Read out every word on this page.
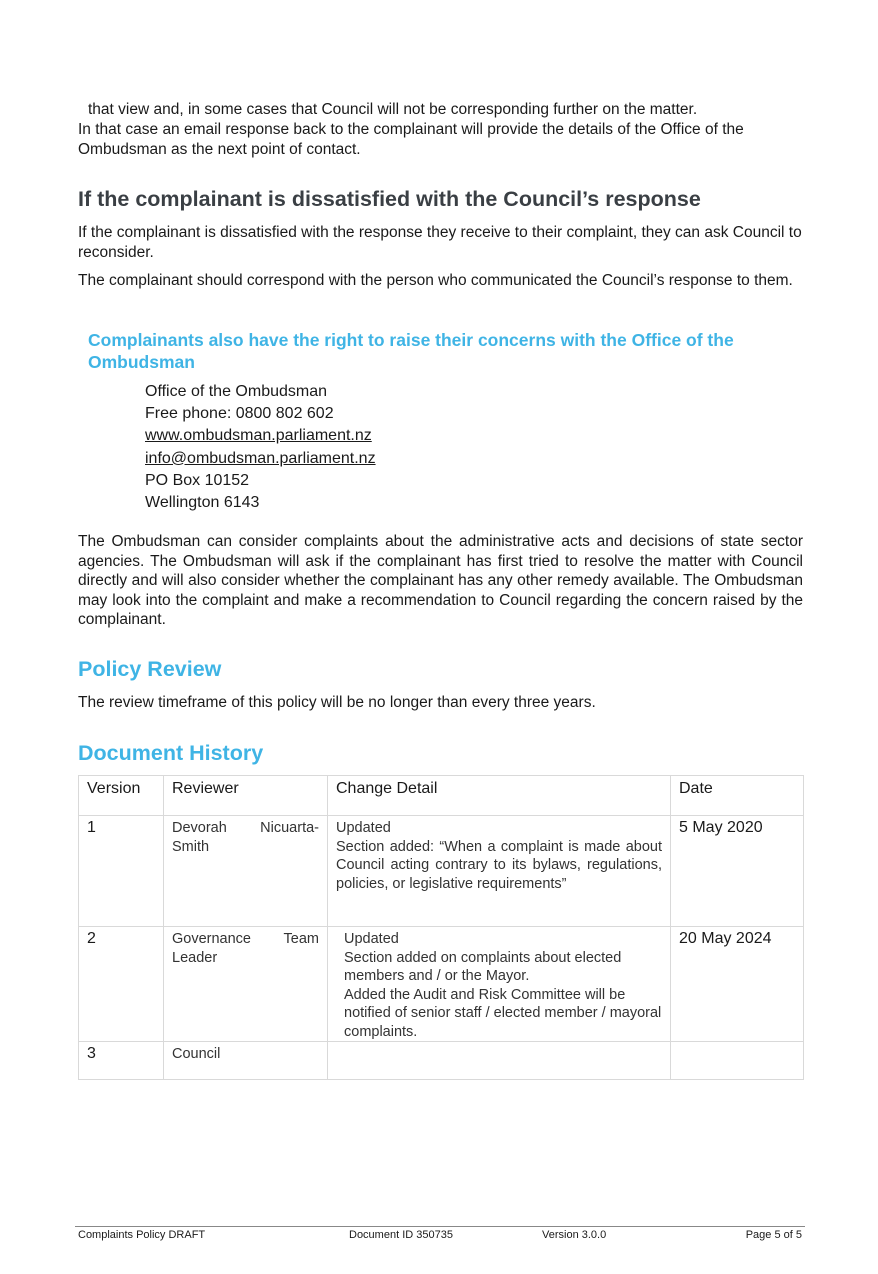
that view and, in some cases that Council will not be corresponding further on the matter.

In that case an email response back to the complainant will provide the details of the Office of the Ombudsman as the next point of contact.

If the complainant is dissatisfied with the Council’s response

If the complainant is dissatisfied with the response they receive to their complaint, they can ask Council to reconsider.

The complainant should correspond with the person who communicated the Council’s response to them.

Complainants also have the right to raise their concerns with the Office of the Ombudsman
Office of the Ombudsman
Free phone: 0800 802 602
www.ombudsman.parliament.nz
info@ombudsman.parliament.nz
PO Box 10152
Wellington 6143

The Ombudsman can consider complaints about the administrative acts and decisions of state sector agencies. The Ombudsman will ask if the complainant has first tried to resolve the matter with Council directly and will also consider whether the complainant has any other remedy available. The Ombudsman may look into the complaint and make a recommendation to Council regarding the concern raised by the complainant.

Policy Review

The review timeframe of this policy will be no longer than every three years.

Document History
Version	Reviewer	Change Detail	Date

1	Devorah Nicuarta-Smith	Updated
Section added: “When a complaint is made about Council acting contrary to its bylaws, regulations, policies, or legislative requirements”	5 May 2020

2	Governance Team Leader	Updated
Section added on complaints about elected members and / or the Mayor.
Added the Audit and Risk Committee will be notified of senior staff / elected member / mayoral complaints.	20 May 2024

3	Council		

Complaints Policy DRAFT	Document ID 350735	Version 3.0.0	Page 5 of 5
